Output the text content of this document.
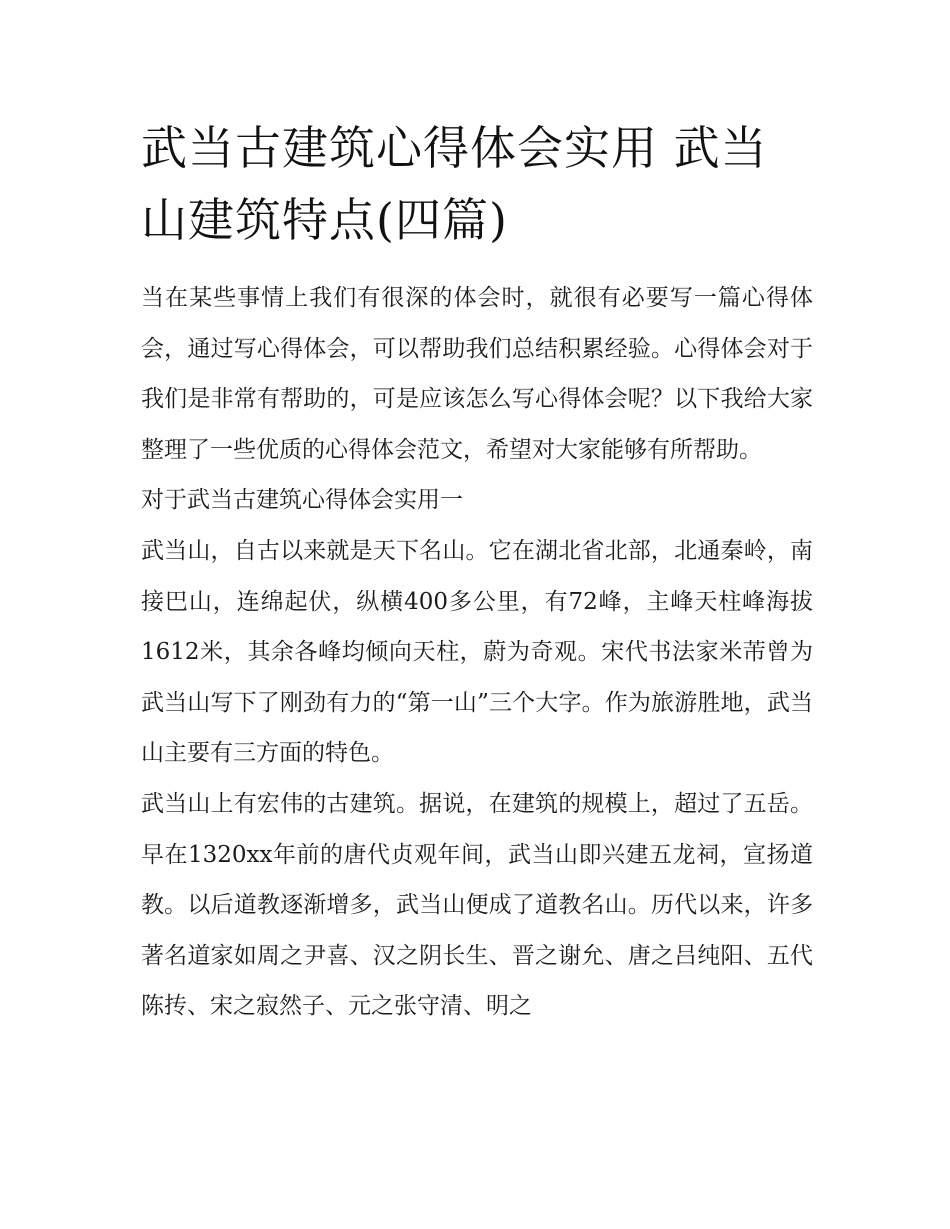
武当古建筑心得体会实用 武当山建筑特点(四篇)

当在某些事情上我们有很深的体会时，就很有必要写一篇心得体会，通过写心得体会，可以帮助我们总结积累经验。心得体会对于我们是非常有帮助的，可是应该怎么写心得体会呢？以下我给大家整理了一些优质的心得体会范文，希望对大家能够有所帮助。

对于武当古建筑心得体会实用一

武当山，自古以来就是天下名山。它在湖北省北部，北通秦岭，南接巴山，连绵起伏，纵横400多公里，有72峰，主峰天柱峰海拔1612米，其余各峰均倾向天柱，蔚为奇观。宋代书法家米芾曾为武当山写下了刚劲有力的“第一山”三个大字。作为旅游胜地，武当山主要有三方面的特色。

武当山上有宏伟的古建筑。据说，在建筑的规模上，超过了五岳。早在1320xx年前的唐代贞观年间，武当山即兴建五龙祠，宣扬道教。以后道教逐渐增多，武当山便成了道教名山。历代以来，许多著名道家如周之尹喜、汉之阴长生、晋之谢允、唐之吕纯阳、五代陈抟、宋之寂然子、元之张守清、明之
